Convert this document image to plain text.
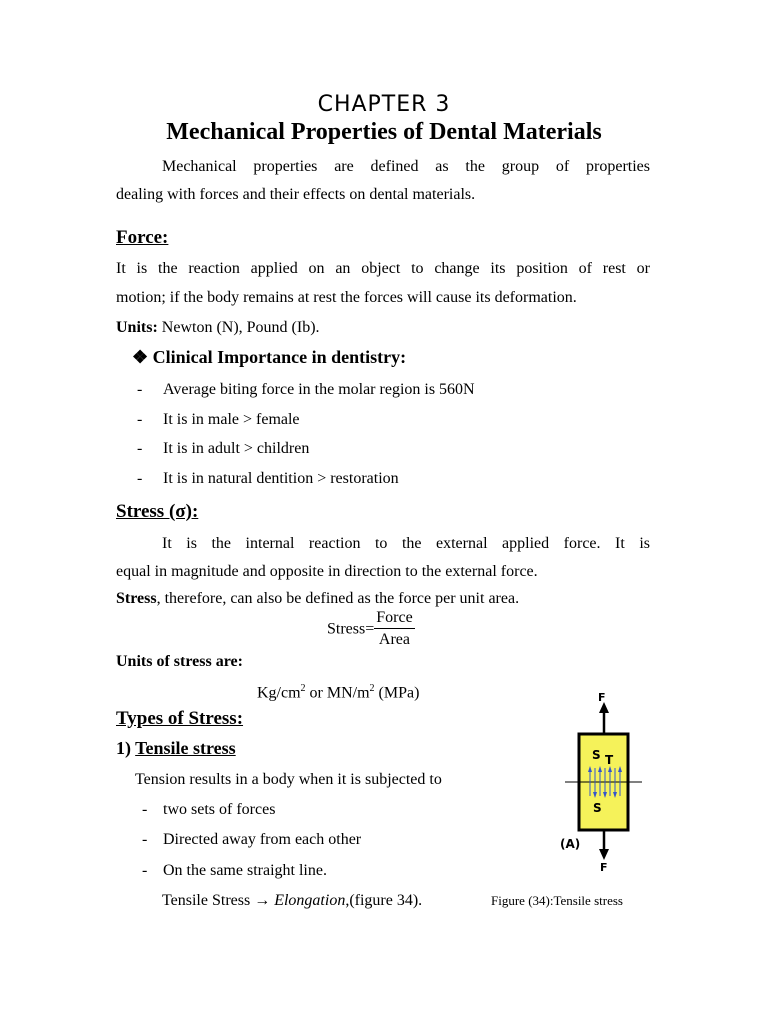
CHAPTER 3
Mechanical Properties of Dental Materials
Mechanical properties are defined as the group of properties
dealing with forces and their effects on dental materials.
Force:
It is the reaction applied on an object to change its position of rest or
motion; if the body remains at rest the forces will cause its deformation.
Units: Newton (N), Pound (Ib).
❖ Clinical Importance in dentistry:
- Average biting force in the molar region is 560N
- It is in male > female
- It is in adult > children
- It is in natural dentition > restoration
Stress (σ):
It is the internal reaction to the external applied force. It is
equal in magnitude and opposite in direction to the external force.
Stress, therefore, can also be defined as the force per unit area.
Stress= $\frac{\text{Force}}{\text{Area}}$
Units of stress are:
$Kg/cm^2$ or $MN/m^2$ (MPa)
Types of Stress:
1) Tensile stress
Tension results in a body when it is subjected to
- two sets of forces
- Directed away from each other
- On the same straight line.
Tensile Stress → Elongation,(figure 34).
F
S T
S
(A)
F
Figure (34):Tensile stress
